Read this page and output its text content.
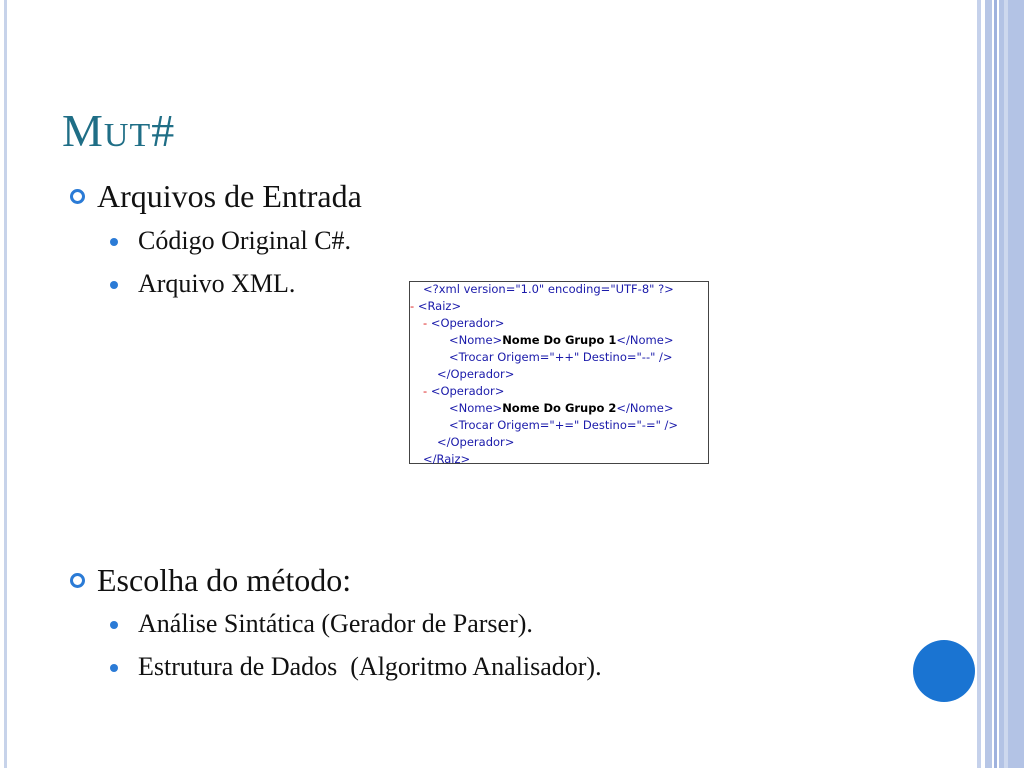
MUT#
Arquivos de Entrada
Código Original C#.
Arquivo XML.	<?xml version="1.0" encoding="UTF-8" ?>
- <Raiz>
- <Operador>
<Nome>Nome Do Grupo 1</Nome>
<Trocar Origem="++" Destino="--" />
</Operador>
- <Operador>
<Nome>Nome Do Grupo 2</Nome>
<Trocar Origem="+=" Destino="-=" />
</Operador>
</Raiz>
Escolha do método:
Análise Sintática (Gerador de Parser).
Estrutura de Dados  (Algoritmo Analisador).
